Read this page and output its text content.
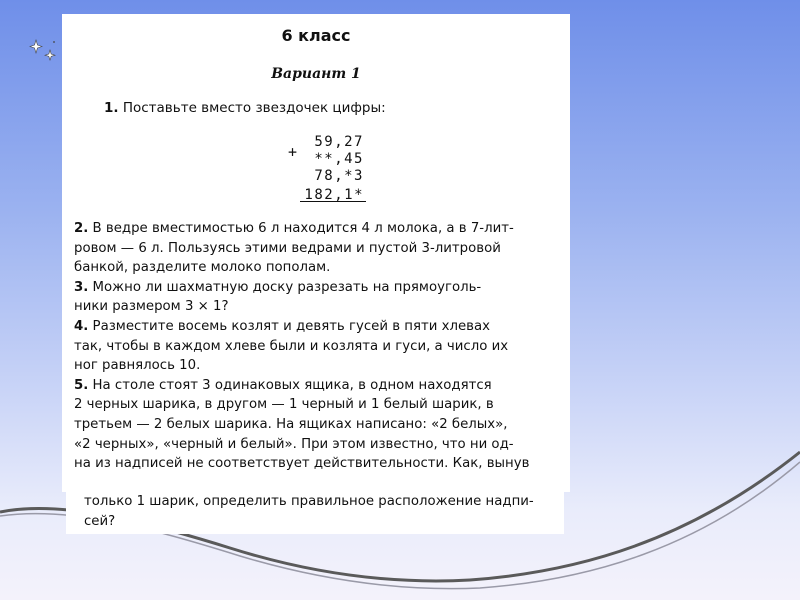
6 класс
Вариант 1
1. Поставьте вместо звездочек цифры:
+
59,27
**,45
78,*3
182,1*

2. В ведре вместимостью 6 л находится 4 л молока, а в 7-лит-
ровом — 6 л. Пользуясь этими ведрами и пустой 3-литровой
банкой, разделите молоко пополам.

3. Можно ли шахматную доску разрезать на прямоуголь-
ники размером 3 × 1?

4. Разместите восемь козлят и девять гусей в пяти хлевах
так, чтобы в каждом хлеве были и козлята и гуси, а число их
ног равнялось 10.

5. На столе стоят 3 одинаковых ящика, в одном находятся
2 черных шарика, в другом — 1 черный и 1 белый шарик, в
третьем — 2 белых шарика. На ящиках написано: «2 белых»,
«2 черных», «черный и белый». При этом известно, что ни од-
на из надписей не соответствует действительности. Как, вынув

только 1 шарик, определить правильное расположение надпи-
сей?
